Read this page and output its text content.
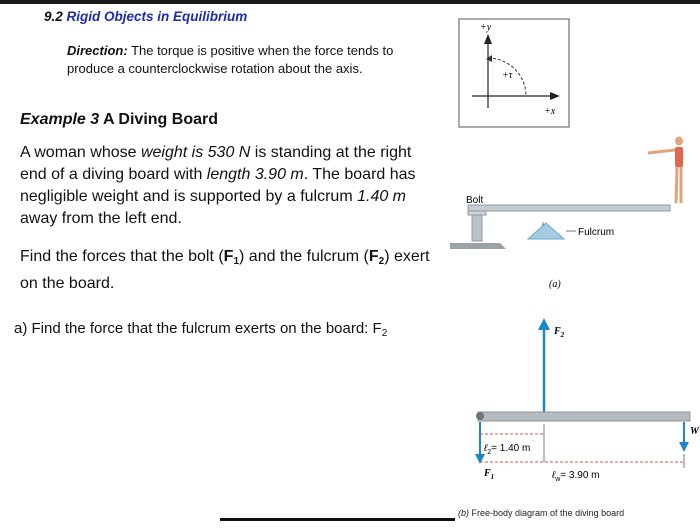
9.2 Rigid Objects in Equilibrium
Direction: The torque is positive when the force tends to produce a counterclockwise rotation about the axis.
Example 3 A Diving Board
A woman whose weight is 530 N is standing at the right end of a diving board with length 3.90 m. The board has negligible weight and is supported by a fulcrum 1.40 m away from the left end.
Find the forces that the bolt $(F_1)$ and the fulcrum $(F_2)$ exert on the board.
a) Find the force that the fulcrum exerts on the board: $F_2$
+y
+x
+τ
Bolt
Fulcrum
(a)
$F_2$
$F_1$
W
ℓ$_2$= 1.40 m
ℓ$_w$= 3.90 m
(b) Free-body diagram of the diving board
